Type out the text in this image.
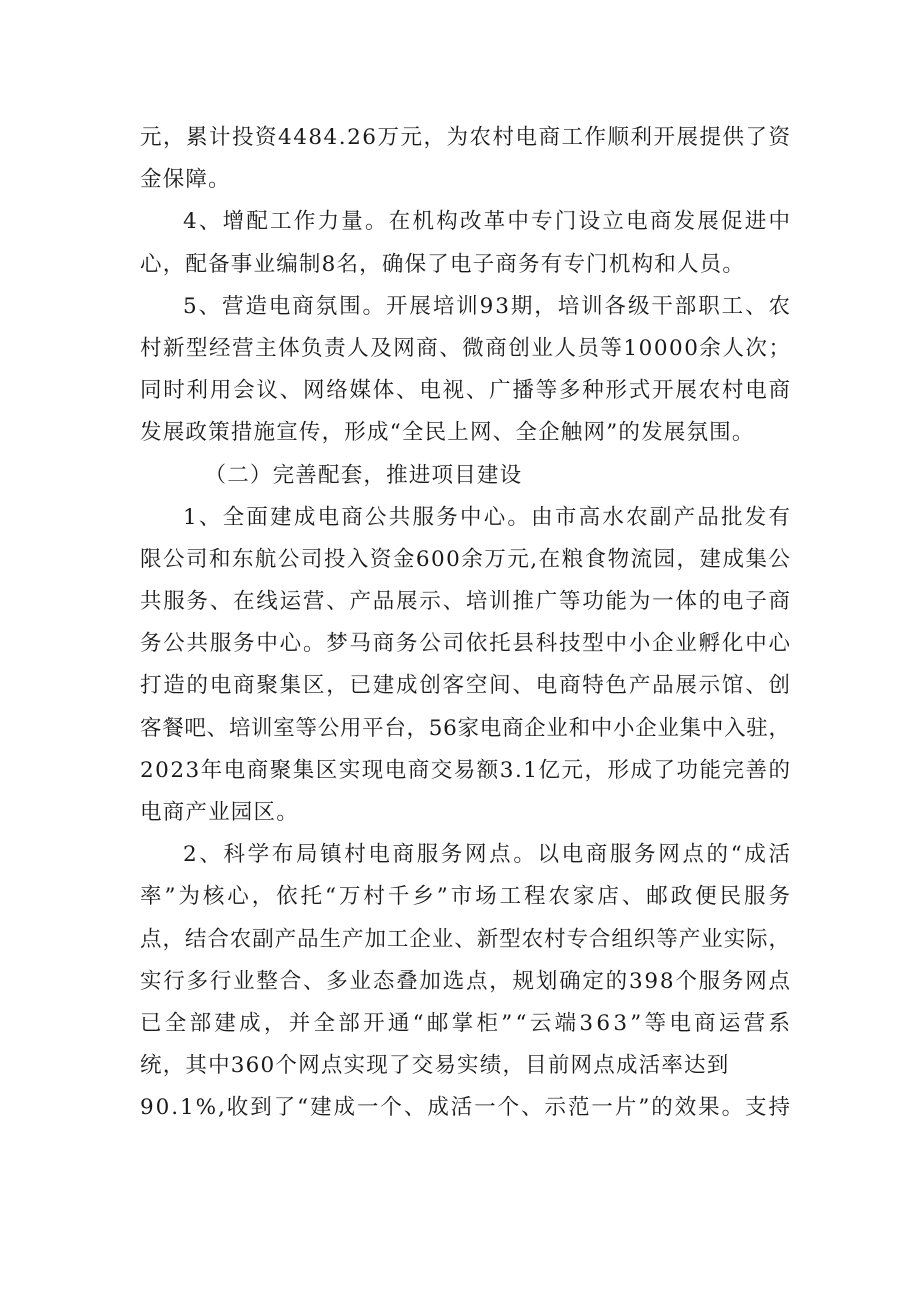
元，累计投资4484.26万元，为农村电商工作顺利开展提供了资
金保障。
4、增配工作力量。在机构改革中专门设立电商发展促进中
心，配备事业编制8名，确保了电子商务有专门机构和人员。
5、营造电商氛围。开展培训93期，培训各级干部职工、农
村新型经营主体负责人及网商、微商创业人员等10000余人次；
同时利用会议、网络媒体、电视、广播等多种形式开展农村电商
发展政策措施宣传，形成“全民上网、全企触网”的发展氛围。
（二）完善配套，推进项目建设
1、全面建成电商公共服务中心。由市高水农副产品批发有
限公司和东航公司投入资金600余万元,在粮食物流园，建成集公
共服务、在线运营、产品展示、培训推广等功能为一体的电子商
务公共服务中心。梦马商务公司依托县科技型中小企业孵化中心
打造的电商聚集区，已建成创客空间、电商特色产品展示馆、创
客餐吧、培训室等公用平台，56家电商企业和中小企业集中入驻，
2023年电商聚集区实现电商交易额3.1亿元，形成了功能完善的
电商产业园区。
2、科学布局镇村电商服务网点。以电商服务网点的“成活
率”为核心，依托“万村千乡”市场工程农家店、邮政便民服务
点，结合农副产品生产加工企业、新型农村专合组织等产业实际，
实行多行业整合、多业态叠加选点，规划确定的398个服务网点
已全部建成，并全部开通“邮掌柜”“云端363”等电商运营系
统，其中360个网点实现了交易实绩，目前网点成活率达到
90.1%,收到了“建成一个、成活一个、示范一片”的效果。支持
